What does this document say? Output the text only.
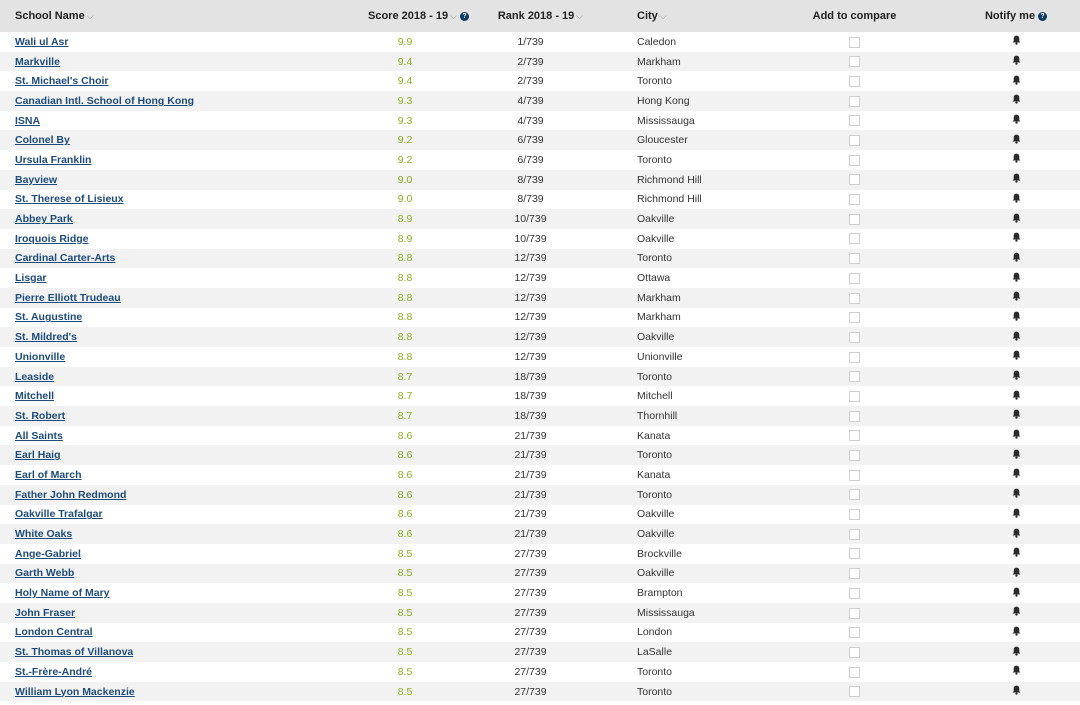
School Name ⌵	Score 2018 - 19 ⌵ ?	Rank 2018 - 19 ⌵	City ⌵	Add to compare	Notify me ?
Wali ul Asr	9.9	1/739	Caledon
Markville	9.4	2/739	Markham
St. Michael's Choir	9.4	2/739	Toronto
Canadian Intl. School of Hong Kong	9.3	4/739	Hong Kong
ISNA	9.3	4/739	Mississauga
Colonel By	9.2	6/739	Gloucester
Ursula Franklin	9.2	6/739	Toronto
Bayview	9.0	8/739	Richmond Hill
St. Therese of Lisieux	9.0	8/739	Richmond Hill
Abbey Park	8.9	10/739	Oakville
Iroquois Ridge	8.9	10/739	Oakville
Cardinal Carter-Arts	8.8	12/739	Toronto
Lisgar	8.8	12/739	Ottawa
Pierre Elliott Trudeau	8.8	12/739	Markham
St. Augustine	8.8	12/739	Markham
St. Mildred's	8.8	12/739	Oakville
Unionville	8.8	12/739	Unionville
Leaside	8.7	18/739	Toronto
Mitchell	8.7	18/739	Mitchell
St. Robert	8.7	18/739	Thornhill
All Saints	8.6	21/739	Kanata
Earl Haig	8.6	21/739	Toronto
Earl of March	8.6	21/739	Kanata
Father John Redmond	8.6	21/739	Toronto
Oakville Trafalgar	8.6	21/739	Oakville
White Oaks	8.6	21/739	Oakville
Ange-Gabriel	8.5	27/739	Brockville
Garth Webb	8.5	27/739	Oakville
Holy Name of Mary	8.5	27/739	Brampton
John Fraser	8.5	27/739	Mississauga
London Central	8.5	27/739	London
St. Thomas of Villanova	8.5	27/739	LaSalle
St.-Frère-André	8.5	27/739	Toronto
William Lyon Mackenzie	8.5	27/739	Toronto
